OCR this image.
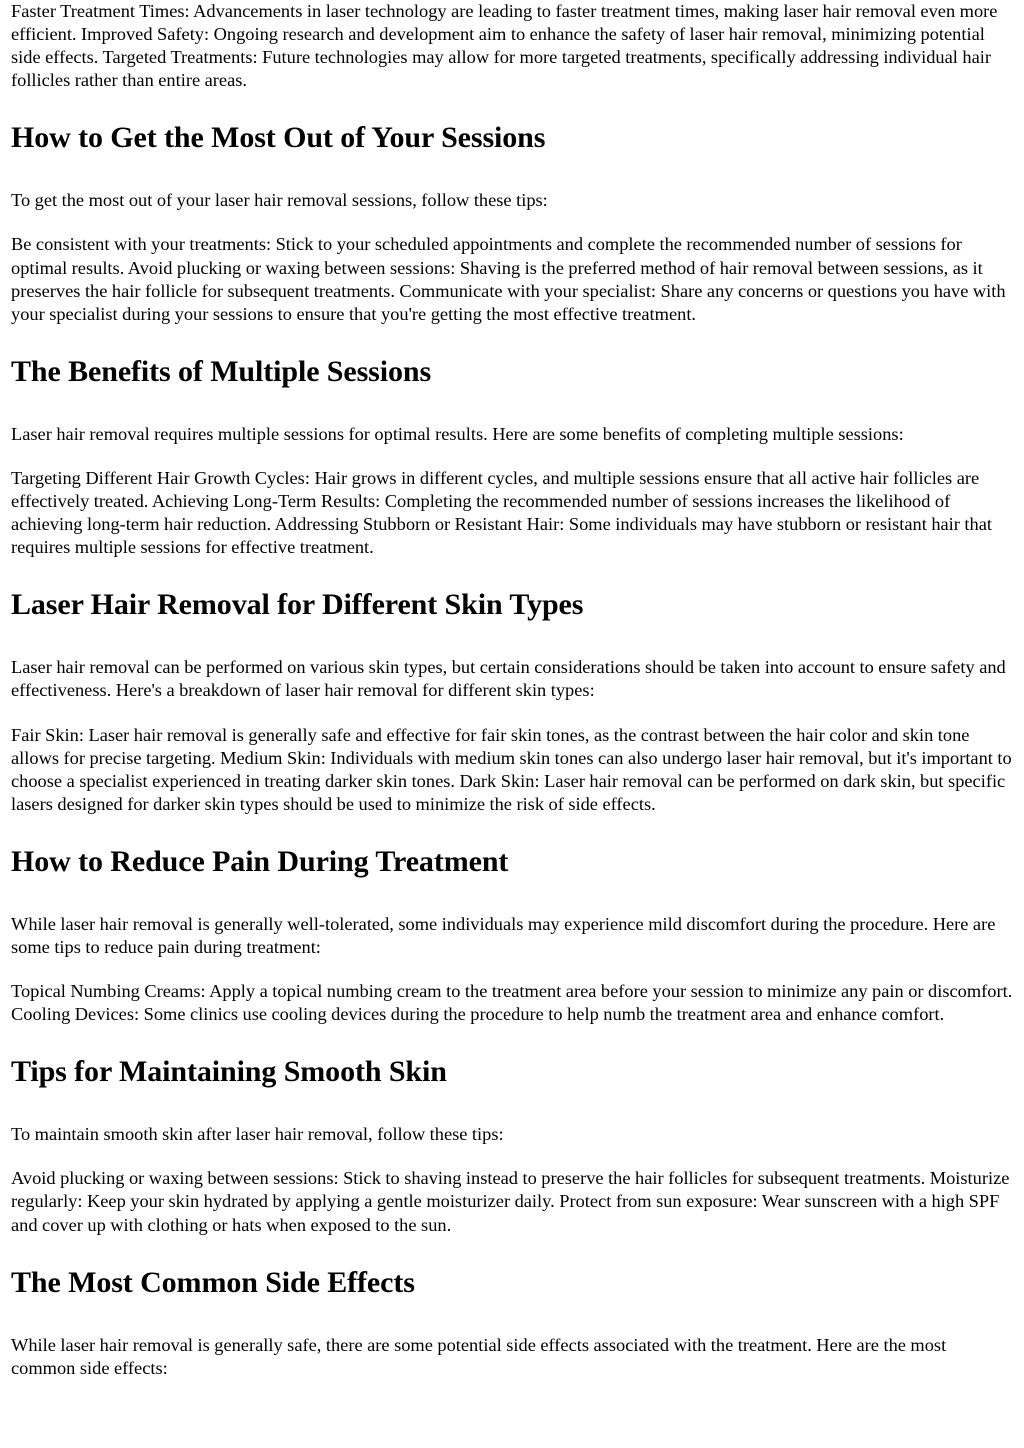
Faster Treatment Times: Advancements in laser technology are leading to faster treatment times, making laser hair removal even more efficient. Improved Safety: Ongoing research and development aim to enhance the safety of laser hair removal, minimizing potential side effects. Targeted Treatments: Future technologies may allow for more targeted treatments, specifically addressing individual hair follicles rather than entire areas.

How to Get the Most Out of Your Sessions

To get the most out of your laser hair removal sessions, follow these tips:

Be consistent with your treatments: Stick to your scheduled appointments and complete the recommended number of sessions for optimal results. Avoid plucking or waxing between sessions: Shaving is the preferred method of hair removal between sessions, as it preserves the hair follicle for subsequent treatments. Communicate with your specialist: Share any concerns or questions you have with your specialist during your sessions to ensure that you're getting the most effective treatment.

The Benefits of Multiple Sessions

Laser hair removal requires multiple sessions for optimal results. Here are some benefits of completing multiple sessions:

Targeting Different Hair Growth Cycles: Hair grows in different cycles, and multiple sessions ensure that all active hair follicles are effectively treated. Achieving Long-Term Results: Completing the recommended number of sessions increases the likelihood of achieving long-term hair reduction. Addressing Stubborn or Resistant Hair: Some individuals may have stubborn or resistant hair that requires multiple sessions for effective treatment.

Laser Hair Removal for Different Skin Types

Laser hair removal can be performed on various skin types, but certain considerations should be taken into account to ensure safety and effectiveness. Here's a breakdown of laser hair removal for different skin types:

Fair Skin: Laser hair removal is generally safe and effective for fair skin tones, as the contrast between the hair color and skin tone allows for precise targeting. Medium Skin: Individuals with medium skin tones can also undergo laser hair removal, but it's important to choose a specialist experienced in treating darker skin tones. Dark Skin: Laser hair removal can be performed on dark skin, but specific lasers designed for darker skin types should be used to minimize the risk of side effects.

How to Reduce Pain During Treatment

While laser hair removal is generally well-tolerated, some individuals may experience mild discomfort during the procedure. Here are some tips to reduce pain during treatment:

Topical Numbing Creams: Apply a topical numbing cream to the treatment area before your session to minimize any pain or discomfort. Cooling Devices: Some clinics use cooling devices during the procedure to help numb the treatment area and enhance comfort.

Tips for Maintaining Smooth Skin

To maintain smooth skin after laser hair removal, follow these tips:

Avoid plucking or waxing between sessions: Stick to shaving instead to preserve the hair follicles for subsequent treatments. Moisturize regularly: Keep your skin hydrated by applying a gentle moisturizer daily. Protect from sun exposure: Wear sunscreen with a high SPF and cover up with clothing or hats when exposed to the sun.

The Most Common Side Effects

While laser hair removal is generally safe, there are some potential side effects associated with the treatment. Here are the most common side effects:
